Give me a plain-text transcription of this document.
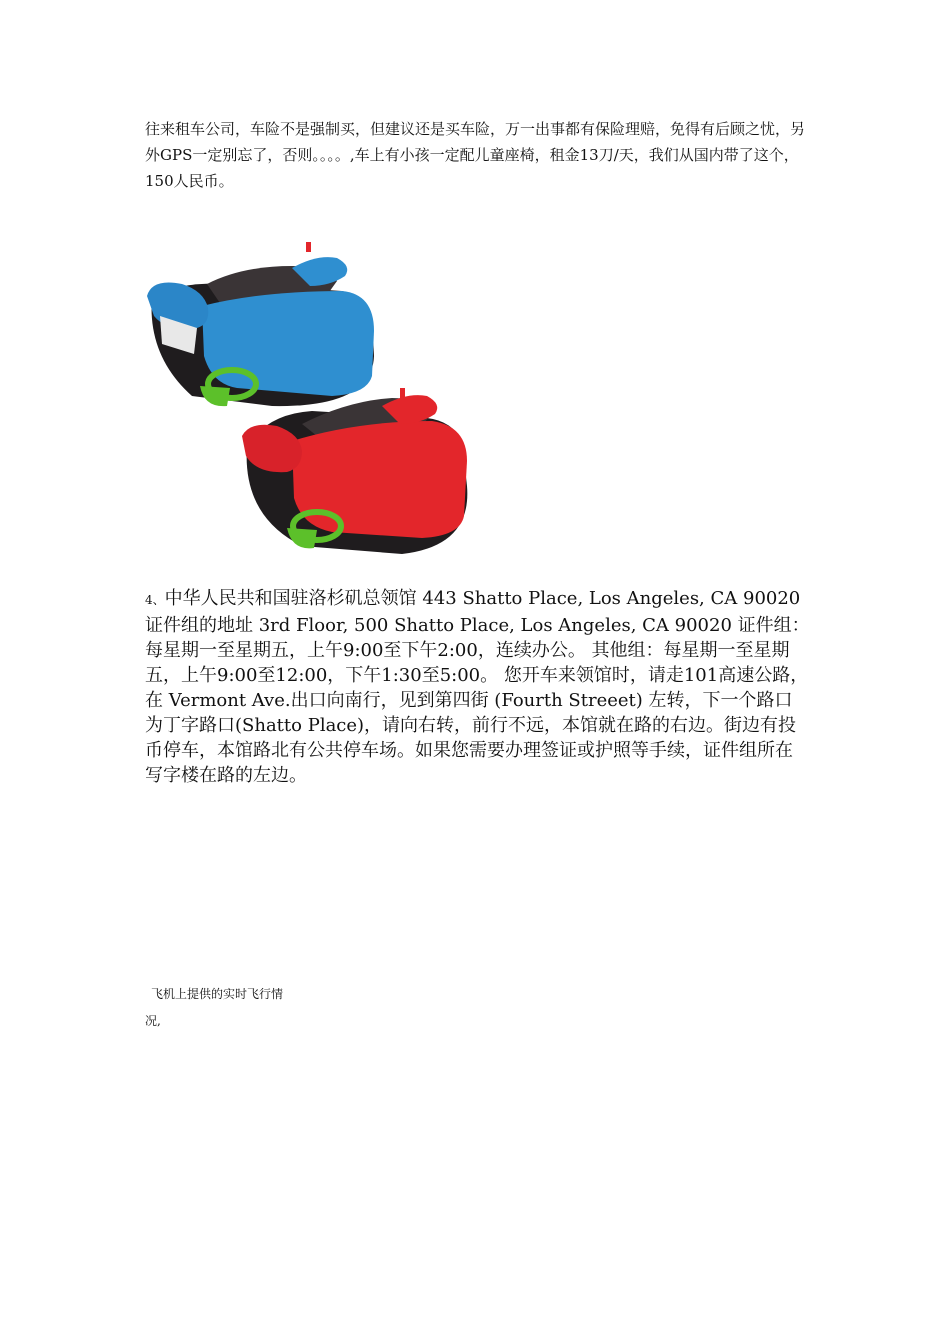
往来租车公司，车险不是强制买，但建议还是买车险，万一出事都有保险理赔，免得有后顾之忧，另外GPS一定别忘了，否则。。。。,车上有小孩一定配儿童座椅，租金13刀/天，我们从国内带了这个，150人民币。
4、中华人民共和国驻洛杉矶总领馆 443 Shatto Place, Los Angeles, CA 90020 证件组的地址 3rd Floor, 500 Shatto Place, Los Angeles, CA 90020 证件组：每星期一至星期五，上午9:00至下午2:00，连续办公。 其他组：每星期一至星期五，上午9:00至12:00，下午1:30至5:00。 您开车来领馆时，请走101高速公路，在 Vermont Ave.出口向南行，见到第四街 (Fourth Streeet) 左转，下一个路口为丁字路口(Shatto Place)，请向右转，前行不远，本馆就在路的右边。街边有投币停车，本馆路北有公共停车场。如果您需要办理签证或护照等手续，证件组所在写字楼在路的左边。
飞机上提供的实时飞行情
况,
